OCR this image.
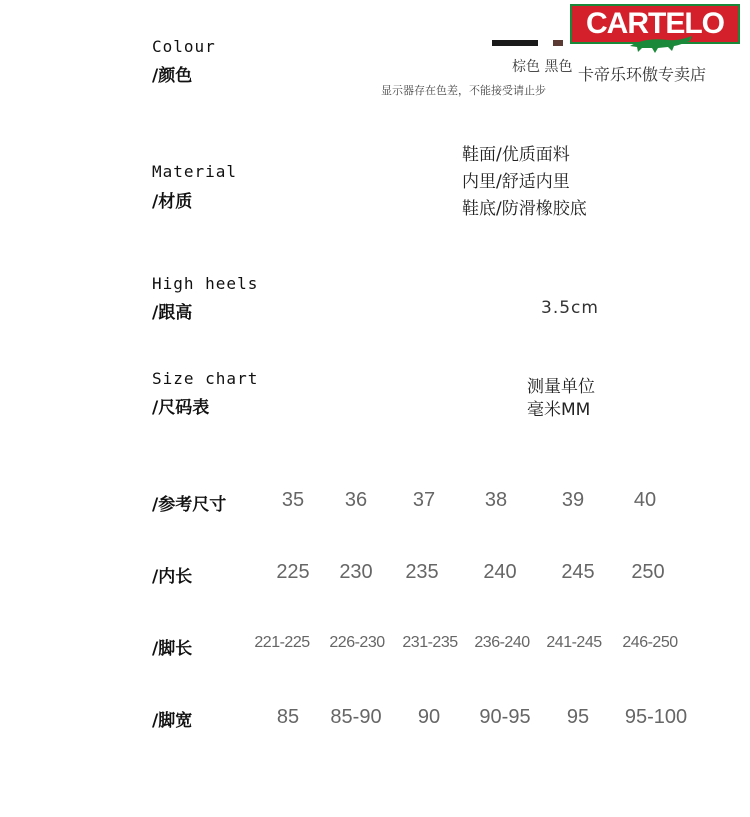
CARTELO
Colour
/颜色	棕色 黑色 卡帝乐环傲专卖店
显示器存在色差，不能接受请止步
Material
/材质
鞋面/优质面料
内里/舒适内里
鞋底/防滑橡胶底
High heels
/跟高	3.5cm
Size chart
/尺码表
测量单位
毫米MM
/参考尺寸	35 36 37 38	39 40
/内长	225 230 235 240 245 250
/脚长	221-225 226-230 231-235 236-240 241-245 246-250
/脚宽	85 85-90 90 90-95 95 95-100
